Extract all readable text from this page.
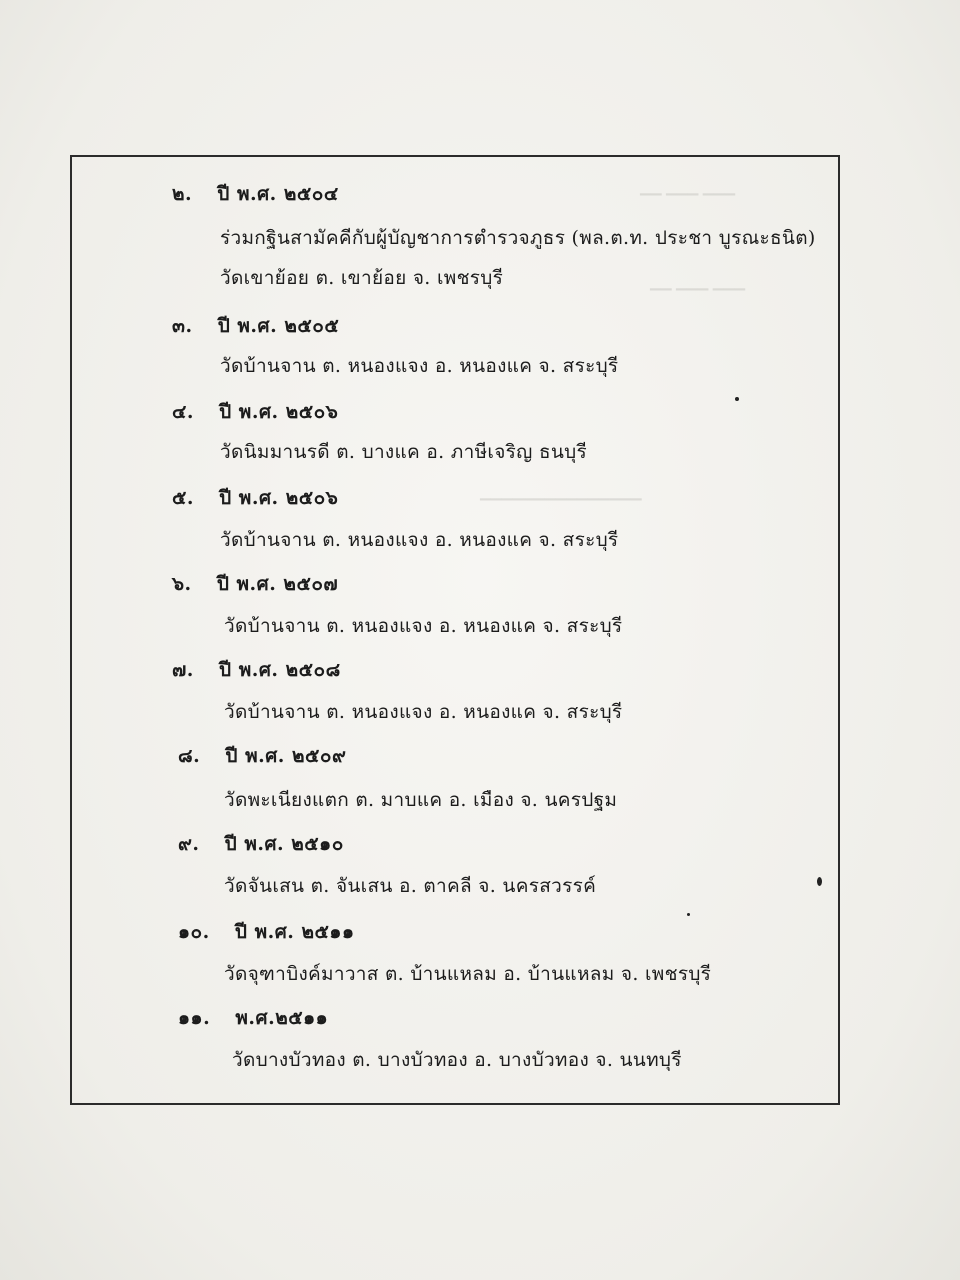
▁▁ ▁▁▁ ▁▁▁
▁▁ ▁▁▁ ▁▁▁
▁▁▁▁▁▁▁▁▁▁▁▁▁▁▁
๒. ปี พ.ศ. ๒๕๐๔
ร่วมกฐินสามัคคีกับผู้บัญชาการตำรวจภูธร (พล.ต.ท. ประชา บูรณะธนิต)
วัดเขาย้อย ต. เขาย้อย จ. เพชรบุรี
๓. ปี พ.ศ. ๒๕๐๕
วัดบ้านจาน ต. หนองแจง อ. หนองแค จ. สระบุรี
๔. ปี พ.ศ. ๒๕๐๖
วัดนิมมานรดี ต. บางแค อ. ภาษีเจริญ ธนบุรี
๕. ปี พ.ศ. ๒๕๐๖
วัดบ้านจาน ต. หนองแจง อ. หนองแค จ. สระบุรี
๖. ปี พ.ศ. ๒๕๐๗
วัดบ้านจาน ต. หนองแจง อ. หนองแค จ. สระบุรี
๗. ปี พ.ศ. ๒๕๐๘
วัดบ้านจาน ต. หนองแจง อ. หนองแค จ. สระบุรี
๘. ปี พ.ศ. ๒๕๐๙
วัดพะเนียงแตก ต. มาบแค อ. เมือง จ. นครปฐม
๙. ปี พ.ศ. ๒๕๑๐
วัดจันเสน ต. จันเสน อ. ตาคลี จ. นครสวรรค์
๑๐. ปี พ.ศ. ๒๕๑๑
วัดจุฑาบิงค์มาวาส ต. บ้านแหลม อ. บ้านแหลม จ. เพชรบุรี
๑๑. พ.ศ.๒๕๑๑
วัดบางบัวทอง ต. บางบัวทอง อ. บางบัวทอง จ. นนทบุรี
